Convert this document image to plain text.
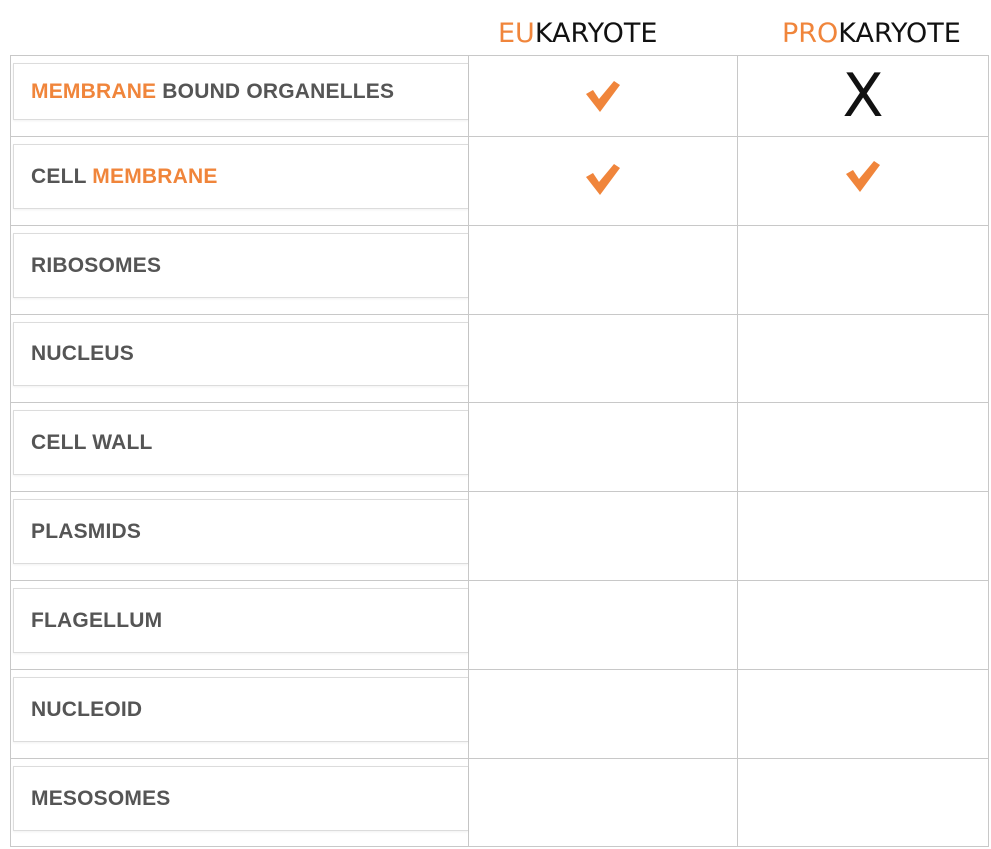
EUKARYOTE	PROKARYOTE
MEMBRANE BOUND ORGANELLES	X
CELL MEMBRANE
RIBOSOMES
NUCLEUS
CELL WALL
PLASMIDS
FLAGELLUM
NUCLEOID
MESOSOMES
